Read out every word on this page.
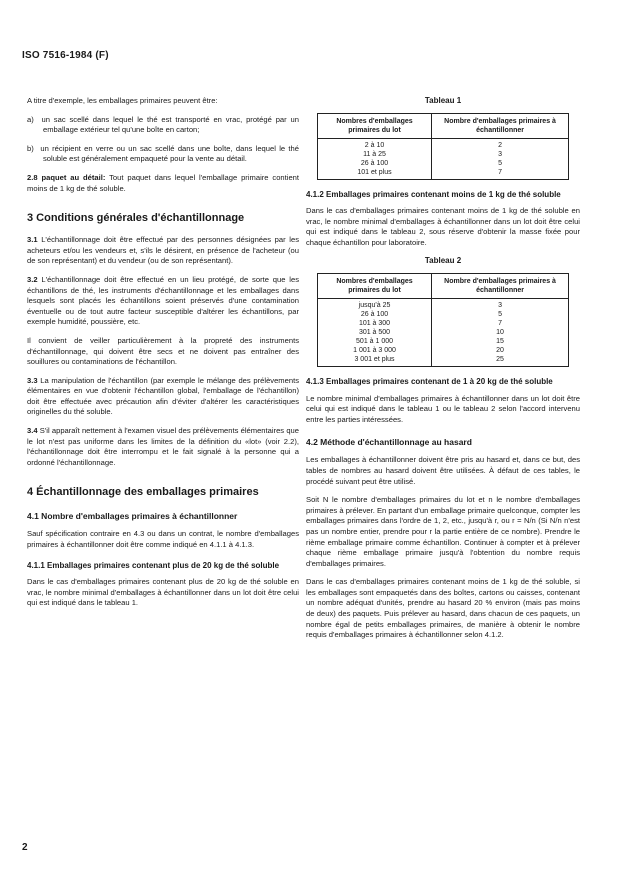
ISO 7516-1984 (F)

A titre d'exemple, les emballages primaires peuvent être:

a) un sac scellé dans lequel le thé est transporté en vrac, protégé par un emballage extérieur tel qu'une boîte en carton;

b) un récipient en verre ou un sac scellé dans une boîte, dans lequel le thé soluble est généralement empaqueté pour la vente au détail.

2.8 paquet au détail: Tout paquet dans lequel l'emballage primaire contient moins de 1 kg de thé soluble.

3 Conditions générales d'échantillonnage

3.1 L'échantillonnage doit être effectué par des personnes désignées par les acheteurs et/ou les vendeurs et, s'ils le désirent, en présence de l'acheteur (ou de son représentant) et du vendeur (ou de son représentant).

3.2 L'échantillonnage doit être effectué en un lieu protégé, de sorte que les échantillons de thé, les instruments d'échantillonnage et les emballages dans lesquels sont placés les échantillons soient préservés d'une contamination éventuelle ou de tout autre facteur susceptible d'altérer les échantillons, par exemple humidité, poussière, etc.

Il convient de veiller particulièrement à la propreté des instruments d'échantillonnage, qui doivent être secs et ne doivent pas entraîner des souillures ou contaminations de l'échantillon.

3.3 La manipulation de l'échantillon (par exemple le mélange des prélèvements élémentaires en vue d'obtenir l'échantillon global, l'emballage de l'échantillon) doit être effectuée avec précaution afin d'éviter d'altérer les caractéristiques originelles du thé soluble.

3.4 S'il apparaît nettement à l'examen visuel des prélèvements élémentaires que le lot n'est pas uniforme dans les limites de la définition du «lot» (voir 2.2), l'échantillonnage doit être interrompu et le fait signalé à la personne qui a ordonné l'échantillonnage.

4 Échantillonnage des emballages primaires
4.1 Nombre d'emballages primaires à échantillonner

Sauf spécification contraire en 4.3 ou dans un contrat, le nombre d'emballages primaires à échantillonner doit être comme indiqué en 4.1.1 à 4.1.3.

4.1.1 Emballages primaires contenant plus de 20 kg de thé soluble

Dans le cas d'emballages primaires contenant plus de 20 kg de thé soluble en vrac, le nombre minimal d'emballages à échantillonner dans un lot doit être celui qui est indiqué dans le tableau 1.

Tableau 1
Nombres d'emballages primaires du lot	Nombre d'emballages primaires à échantillonner
2 à 10	2
11 à 25	3
26 à 100	5
101 et plus	7
4.1.2 Emballages primaires contenant moins de 1 kg de thé soluble

Dans le cas d'emballages primaires contenant moins de 1 kg de thé soluble en vrac, le nombre minimal d'emballages à échantillonner dans un lot doit être celui qui est indiqué dans le tableau 2, sous réserve d'obtenir la masse fixée pour chaque échantillon pour laboratoire.

Tableau 2
Nombres d'emballages primaires du lot	Nombre d'emballages primaires à échantillonner
jusqu'à 25	3
26 à 100	5
101 à 300	7
301 à 500	10
501 à 1 000	15
1 001 à 3 000	20
3 001 et plus	25
4.1.3 Emballages primaires contenant de 1 à 20 kg de thé soluble

Le nombre minimal d'emballages primaires à échantillonner dans un lot doit être celui qui est indiqué dans le tableau 1 ou le tableau 2 selon l'accord intervenu entre les parties intéressées.

4.2 Méthode d'échantillonnage au hasard

Les emballages à échantillonner doivent être pris au hasard et, dans ce but, des tables de nombres au hasard doivent être utilisées. À défaut de ces tables, le procédé suivant peut être utilisé.

Soit N le nombre d'emballages primaires du lot et n le nombre d'emballages primaires à prélever. En partant d'un emballage primaire quelconque, compter les emballages primaires dans l'ordre de 1, 2, etc., jusqu'à r, ou r = N/n (Si N/n n'est pas un nombre entier, prendre pour r la partie entière de ce nombre). Prendre le rième emballage primaire comme échantillon. Continuer à compter et à prélever chaque rième emballage primaire jusqu'à l'obtention du nombre requis d'emballages primaires.

Dans le cas d'emballages primaires contenant moins de 1 kg de thé soluble, si les emballages sont empaquetés dans des boîtes, cartons ou caisses, contenant un nombre adéquat d'unités, prendre au hasard 20 % environ (mais pas moins de deux) des paquets. Puis prélever au hasard, dans chacun de ces paquets, un nombre égal de petits emballages primaires, de manière à obtenir le nombre requis d'emballages primaires à échantillonner selon 4.1.2.

2
